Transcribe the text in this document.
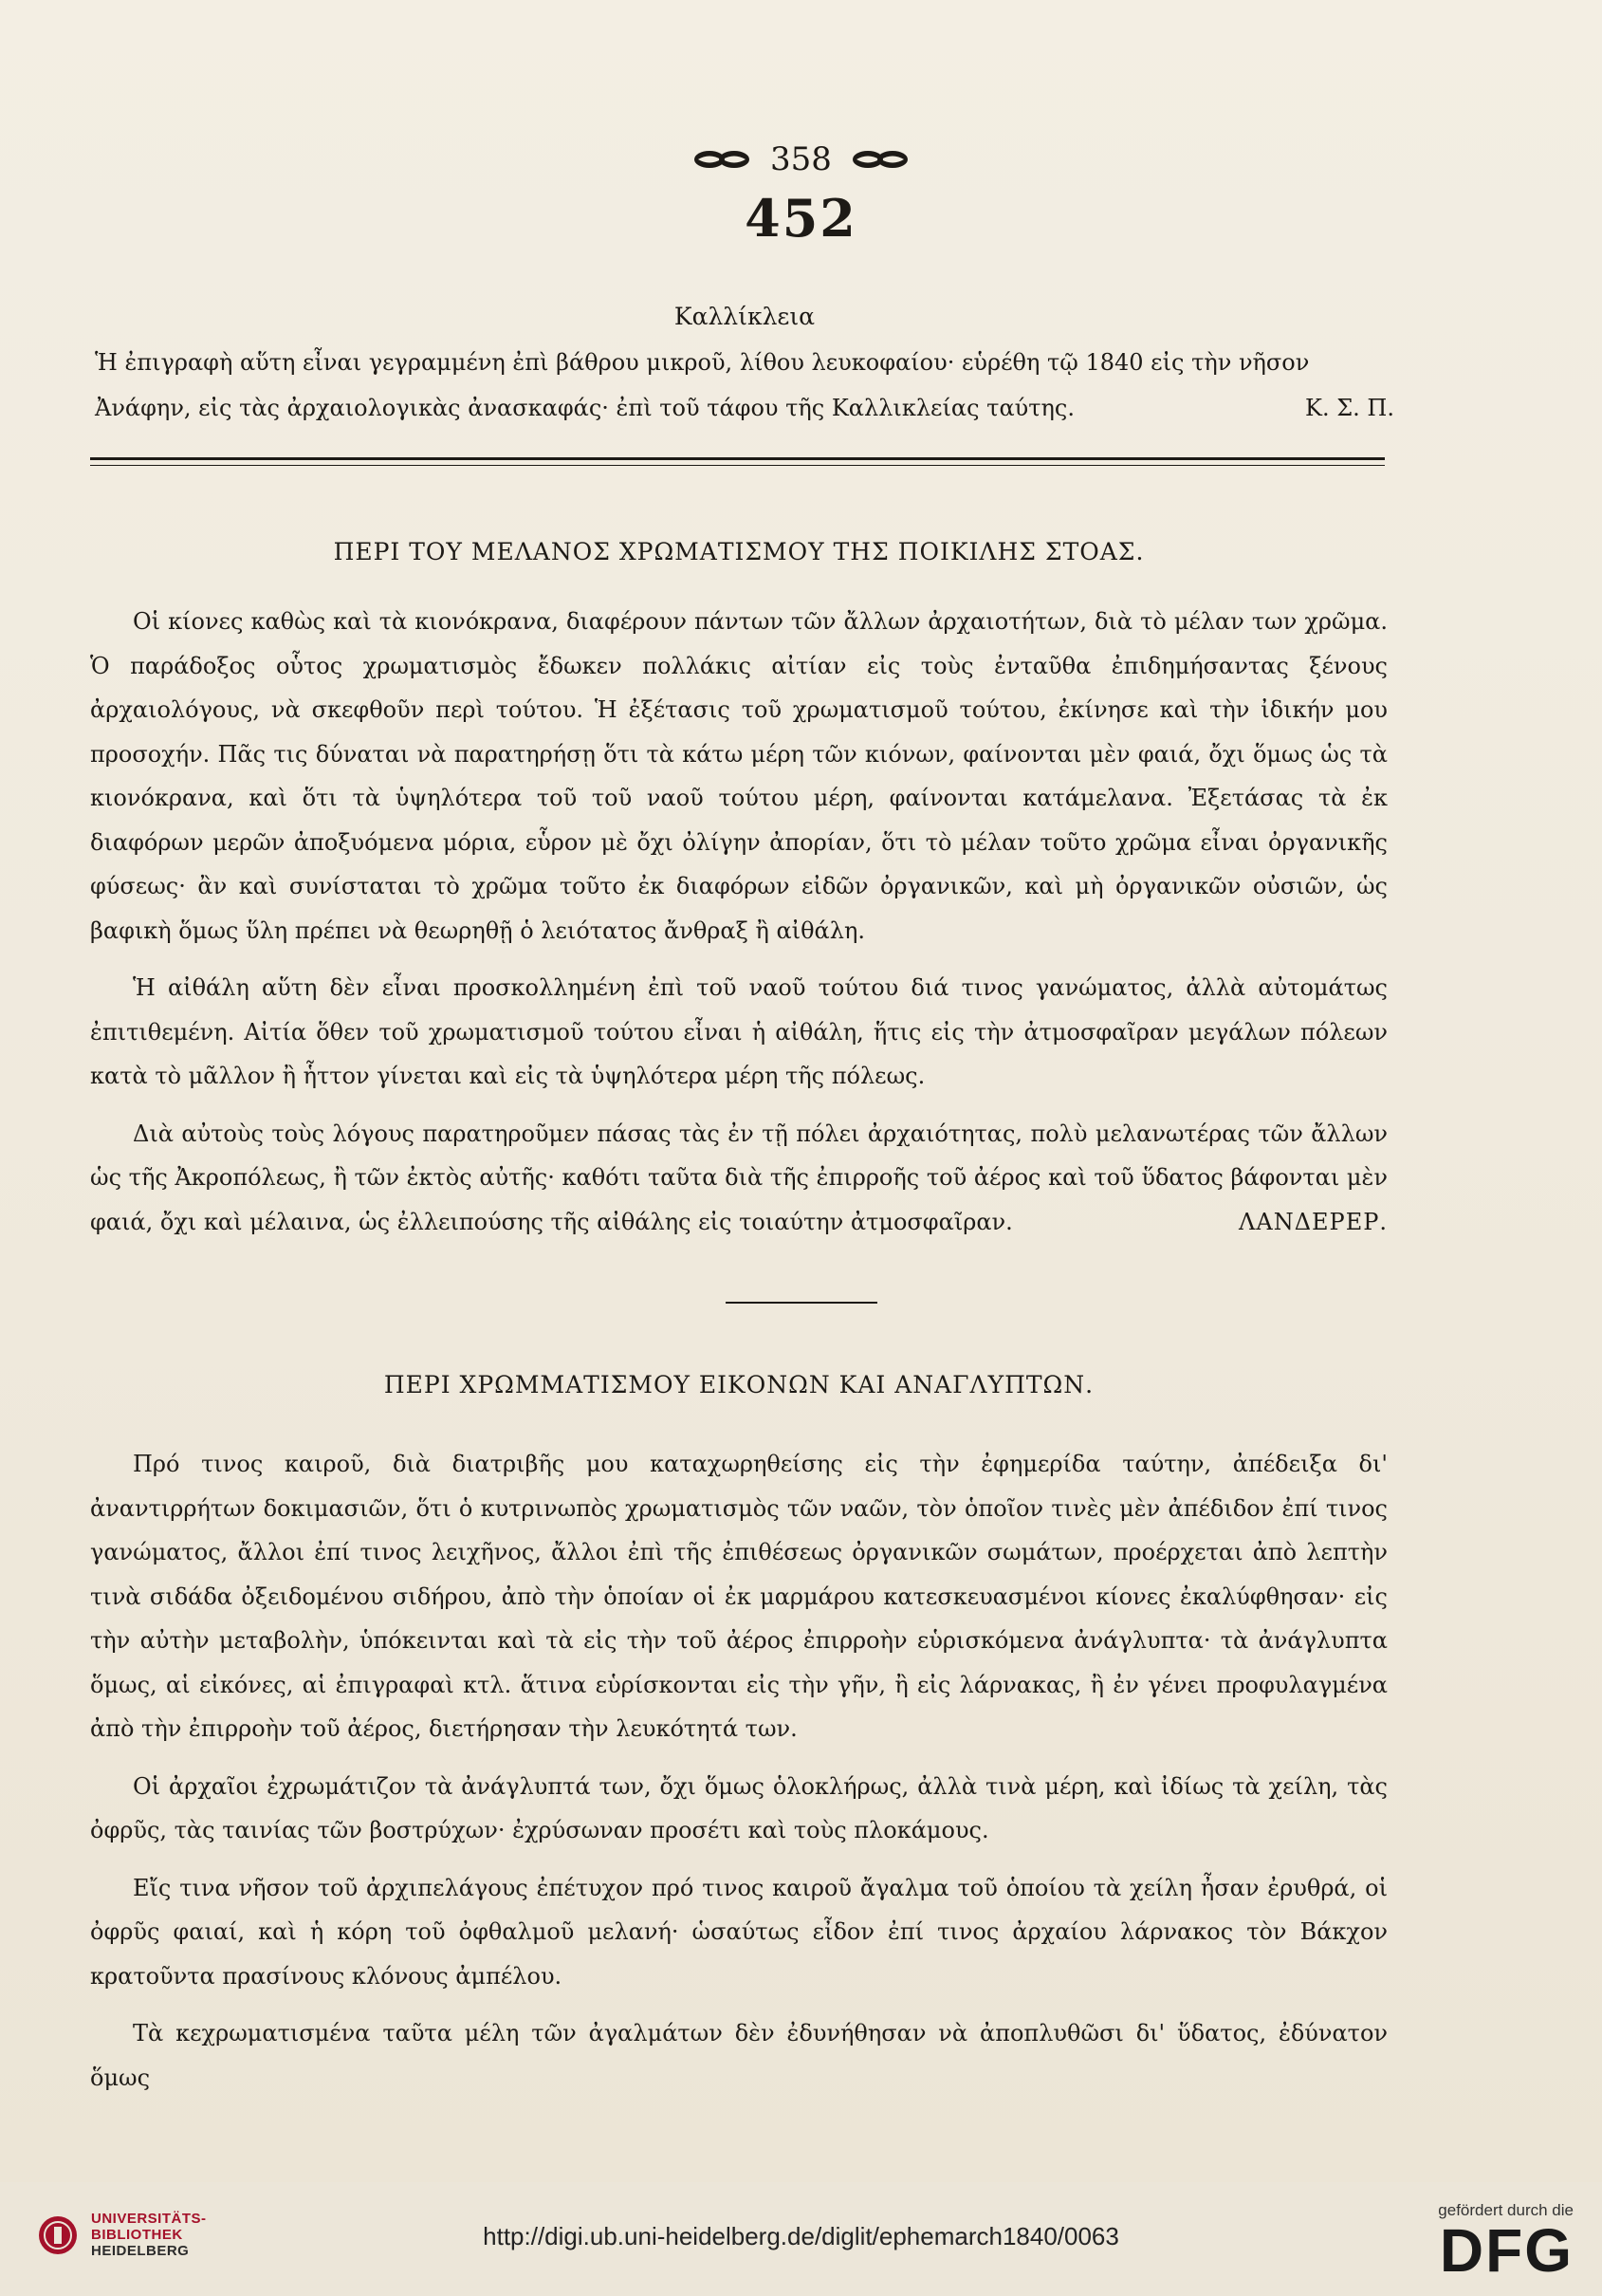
358
452
Καλλίκλεια

Ἡ ἐπιγραφὴ αὕτη εἶναι γεγραμμένη ἐπὶ βάθρου μικροῦ, λίθου λευκοφαίου· εὑρέθη τῷ 1840 εἰς τὴν νῆσον

Ἀνάφην, εἰς τὰς ἀρχαιολογικὰς ἀνασκαφάς· ἐπὶ τοῦ τάφου τῆς Καλλικλείας ταύτης.	Κ. Σ. Π.
ΠΕΡΙ ΤΟΥ ΜΕΛΑΝΟΣ ΧΡΩΜΑΤΙΣΜΟΥ ΤΗΣ ΠΟΙΚΙΛΗΣ ΣΤΟΑΣ.

Οἱ κίονες καθὼς καὶ τὰ κιονόκρανα, διαφέρουν πάντων τῶν ἄλλων ἀρχαιοτήτων, διὰ τὸ μέλαν των χρῶμα. Ὁ παράδοξος οὗτος χρωματισμὸς ἔδωκεν πολλάκις αἰτίαν εἰς τοὺς ἐνταῦθα ἐπιδημήσαντας ξένους ἀρχαιολόγους, νὰ σκεφθοῦν περὶ τούτου. Ἡ ἐξέτασις τοῦ χρωματισμοῦ τούτου, ἐκίνησε καὶ τὴν ἰδικήν μου προσοχήν. Πᾶς τις δύναται νὰ παρατηρήσῃ ὅτι τὰ κάτω μέρη τῶν κιόνων, φαίνονται μὲν φαιά, ὄχι ὅμως ὡς τὰ κιονόκρανα, καὶ ὅτι τὰ ὑψηλότερα τοῦ τοῦ ναοῦ τούτου μέρη, φαίνονται κατάμελανα. Ἐξετάσας τὰ ἐκ διαφόρων μερῶν ἀποξυόμενα μόρια, εὗρον μὲ ὄχι ὀλίγην ἀπορίαν, ὅτι τὸ μέλαν τοῦτο χρῶμα εἶναι ὀργανικῆς φύσεως· ἂν καὶ συνίσταται τὸ χρῶμα τοῦτο ἐκ διαφόρων εἰδῶν ὀργανικῶν, καὶ μὴ ὀργανικῶν οὐσιῶν, ὡς βαφικὴ ὅμως ὕλη πρέπει νὰ θεωρηθῇ ὁ λειότατος ἄνθραξ ἢ αἰθάλη.

Ἡ αἰθάλη αὕτη δὲν εἶναι προσκολλημένη ἐπὶ τοῦ ναοῦ τούτου διά τινος γανώματος, ἀλλὰ αὐτομάτως ἐπιτιθεμένη. Αἰτία ὅθεν τοῦ χρωματισμοῦ τούτου εἶναι ἡ αἰθάλη, ἥτις εἰς τὴν ἀτμοσφαῖραν μεγάλων πόλεων κατὰ τὸ μᾶλλον ἢ ἧττον γίνεται καὶ εἰς τὰ ὑψηλότερα μέρη τῆς πόλεως.

Διὰ αὐτοὺς τοὺς λόγους παρατηροῦμεν πάσας τὰς ἐν τῇ πόλει ἀρχαιότητας, πολὺ μελανωτέρας τῶν ἄλλων ὡς τῆς Ἀκροπόλεως, ἢ τῶν ἐκτὸς αὐτῆς· καθότι ταῦτα διὰ τῆς ἐπιρροῆς τοῦ ἀέρος καὶ τοῦ ὕδατος βάφονται μὲν φαιά, ὄχι καὶ μέλαινα, ὡς ἐλλειπούσης τῆς αἰθάλης εἰς τοιαύτην ἀτμοσφαῖραν.	ΛΑΝΔΕΡΕΡ.

ΠΕΡΙ ΧΡΩΜΜΑΤΙΣΜΟΥ ΕΙΚΟΝΩΝ ΚΑΙ ΑΝΑΓΛΥΠΤΩΝ.

Πρό τινος καιροῦ, διὰ διατριβῆς μου καταχωρηθείσης εἰς τὴν ἐφημερίδα ταύτην, ἀπέδειξα δι' ἀναντιρρήτων δοκιμασιῶν, ὅτι ὁ κυτρινωπὸς χρωματισμὸς τῶν ναῶν, τὸν ὁποῖον τινὲς μὲν ἀπέδιδον ἐπί τινος γανώματος, ἄλλοι ἐπί τινος λειχῆνος, ἄλλοι ἐπὶ τῆς ἐπιθέσεως ὀργανικῶν σωμάτων, προέρχεται ἀπὸ λεπτὴν τινὰ σιδάδα ὀξειδομένου σιδήρου, ἀπὸ τὴν ὁποίαν οἱ ἐκ μαρμάρου κατεσκευασμένοι κίονες ἐκαλύφθησαν· εἰς τὴν αὐτὴν μεταβολὴν, ὑπόκεινται καὶ τὰ εἰς τὴν τοῦ ἀέρος ἐπιρροὴν εὑρισκόμενα ἀνάγλυπτα· τὰ ἀνάγλυπτα ὅμως, αἱ εἰκόνες, αἱ ἐπιγραφαὶ κτλ. ἅτινα εὑρίσκονται εἰς τὴν γῆν, ἢ εἰς λάρνακας, ἢ ἐν γένει προφυλαγμένα ἀπὸ τὴν ἐπιρροὴν τοῦ ἀέρος, διετήρησαν τὴν λευκότητά των.

Οἱ ἀρχαῖοι ἐχρωμάτιζον τὰ ἀνάγλυπτά των, ὄχι ὅμως ὁλοκλήρως, ἀλλὰ τινὰ μέρη, καὶ ἰδίως τὰ χείλη, τὰς ὀφρῦς, τὰς ταινίας τῶν βοστρύχων· ἐχρύσωναν προσέτι καὶ τοὺς πλοκάμους.

Εἴς τινα νῆσον τοῦ ἀρχιπελάγους ἐπέτυχον πρό τινος καιροῦ ἄγαλμα τοῦ ὁποίου τὰ χείλη ἦσαν ἐρυθρά, οἱ ὀφρῦς φαιαί, καὶ ἡ κόρη τοῦ ὀφθαλμοῦ μελανή· ὡσαύτως εἶδον ἐπί τινος ἀρχαίου λάρνακος τὸν Βάκχον κρατοῦντα πρασίνους κλόνους ἀμπέλου.

Τὰ κεχρωματισμένα ταῦτα μέλη τῶν ἀγαλμάτων δὲν ἐδυνήθησαν νὰ ἀποπλυθῶσι δι' ὕδατος, ἐδύνατον ὅμως

UNIVERSITÄTS-
BIBLIOTHEK
HEIDELBERG
http://digi.ub.uni-heidelberg.de/diglit/ephemarch1840/0063
gefördert durch die
DFG
